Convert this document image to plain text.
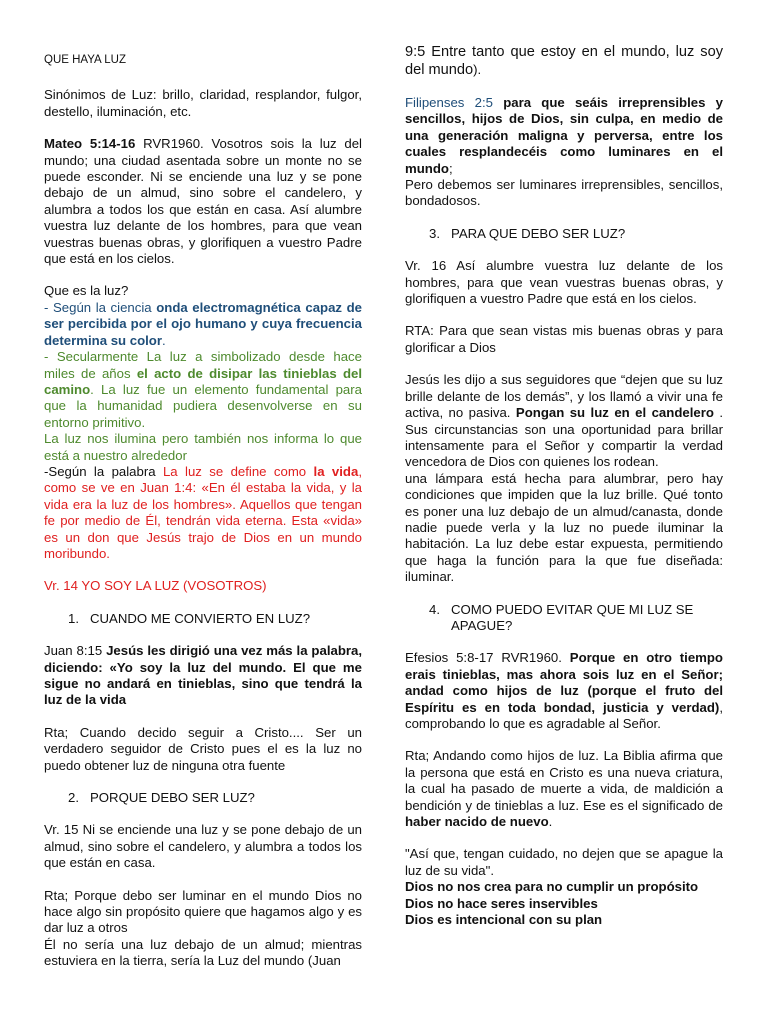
QUE HAYA LUZ

Sinónimos de Luz: brillo, claridad, resplandor, fulgor, destello, iluminación, etc.

Mateo 5:14-16 RVR1960. Vosotros sois la luz del mundo; una ciudad asentada sobre un monte no se puede esconder. Ni se enciende una luz y se pone debajo de un almud, sino sobre el candelero, y alumbra a todos los que están en casa. Así alumbre vuestra luz delante de los hombres, para que vean vuestras buenas obras, y glorifiquen a vuestro Padre que está en los cielos.

Que es la luz?

- Según la ciencia onda electromagnética capaz de ser percibida por el ojo humano y cuya frecuencia determina su color.

- Secularmente La luz a simbolizado desde hace miles de años el acto de disipar las tinieblas del camino. La luz fue un elemento fundamental para que la humanidad pudiera desenvolverse en su entorno primitivo.

La luz nos ilumina pero también nos informa lo que está a nuestro alrededor

-Según la palabra La luz se define como la vida, como se ve en Juan 1:4: «En él estaba la vida, y la vida era la luz de los hombres». Aquellos que tengan fe por medio de Él, tendrán vida eterna. Esta «vida» es un don que Jesús trajo de Dios en un mundo moribundo.

Vr. 14 YO SOY LA LUZ (VOSOTROS)

1. CUANDO ME CONVIERTO EN LUZ?

Juan 8:15 Jesús les dirigió una vez más la palabra, diciendo: «Yo soy la luz del mundo. El que me sigue no andará en tinieblas, sino que tendrá la luz de la vida

Rta; Cuando decido seguir a Cristo.... Ser un verdadero seguidor de Cristo pues el es la luz no puedo obtener luz de ninguna otra fuente

2. PORQUE DEBO SER LUZ?

Vr. 15 Ni se enciende una luz y se pone debajo de un almud, sino sobre el candelero, y alumbra a todos los que están en casa.

Rta; Porque debo ser luminar en el mundo Dios no hace algo sin propósito quiere que hagamos algo y es dar luz a otros

Él no sería una luz debajo de un almud; mientras estuviera en la tierra, sería la Luz del mundo (Juan

9:5 Entre tanto que estoy en el mundo, luz soy del mundo).

Filipenses 2:5 para que seáis irreprensibles y sencillos, hijos de Dios, sin culpa, en medio de una generación maligna y perversa, entre los cuales resplandecéis como luminares en el mundo;

Pero debemos ser luminares irreprensibles, sencillos, bondadosos.

3. PARA QUE DEBO SER LUZ?

Vr. 16 Así alumbre vuestra luz delante de los hombres, para que vean vuestras buenas obras, y glorifiquen a vuestro Padre que está en los cielos.

RTA: Para que sean vistas mis buenas obras y para glorificar a Dios

Jesús les dijo a sus seguidores que “dejen que su luz brille delante de los demás”, y los llamó a vivir una fe activa, no pasiva. Pongan su luz en el candelero . Sus circunstancias son una oportunidad para brillar intensamente para el Señor y compartir la verdad vencedora de Dios con quienes los rodean.

una lámpara está hecha para alumbrar, pero hay condiciones que impiden que la luz brille. Qué tonto es poner una luz debajo de un almud/canasta, donde nadie puede verla y la luz no puede iluminar la habitación. La luz debe estar expuesta, permitiendo que haga la función para la que fue diseñada: iluminar.

4. COMO PUEDO EVITAR QUE MI LUZ SE APAGUE?

Efesios 5:8-17 RVR1960. Porque en otro tiempo erais tinieblas, mas ahora sois luz en el Señor; andad como hijos de luz (porque el fruto del Espíritu es en toda bondad, justicia y verdad), comprobando lo que es agradable al Señor.

Rta; Andando como hijos de luz. La Biblia afirma que la persona que está en Cristo es una nueva criatura, la cual ha pasado de muerte a vida, de maldición a bendición y de tinieblas a luz. Ese es el significado de haber nacido de nuevo.

"Así que, tengan cuidado, no dejen que se apague la luz de su vida".

Dios no nos crea para no cumplir un propósito

Dios no hace seres inservibles

Dios es intencional con su plan
